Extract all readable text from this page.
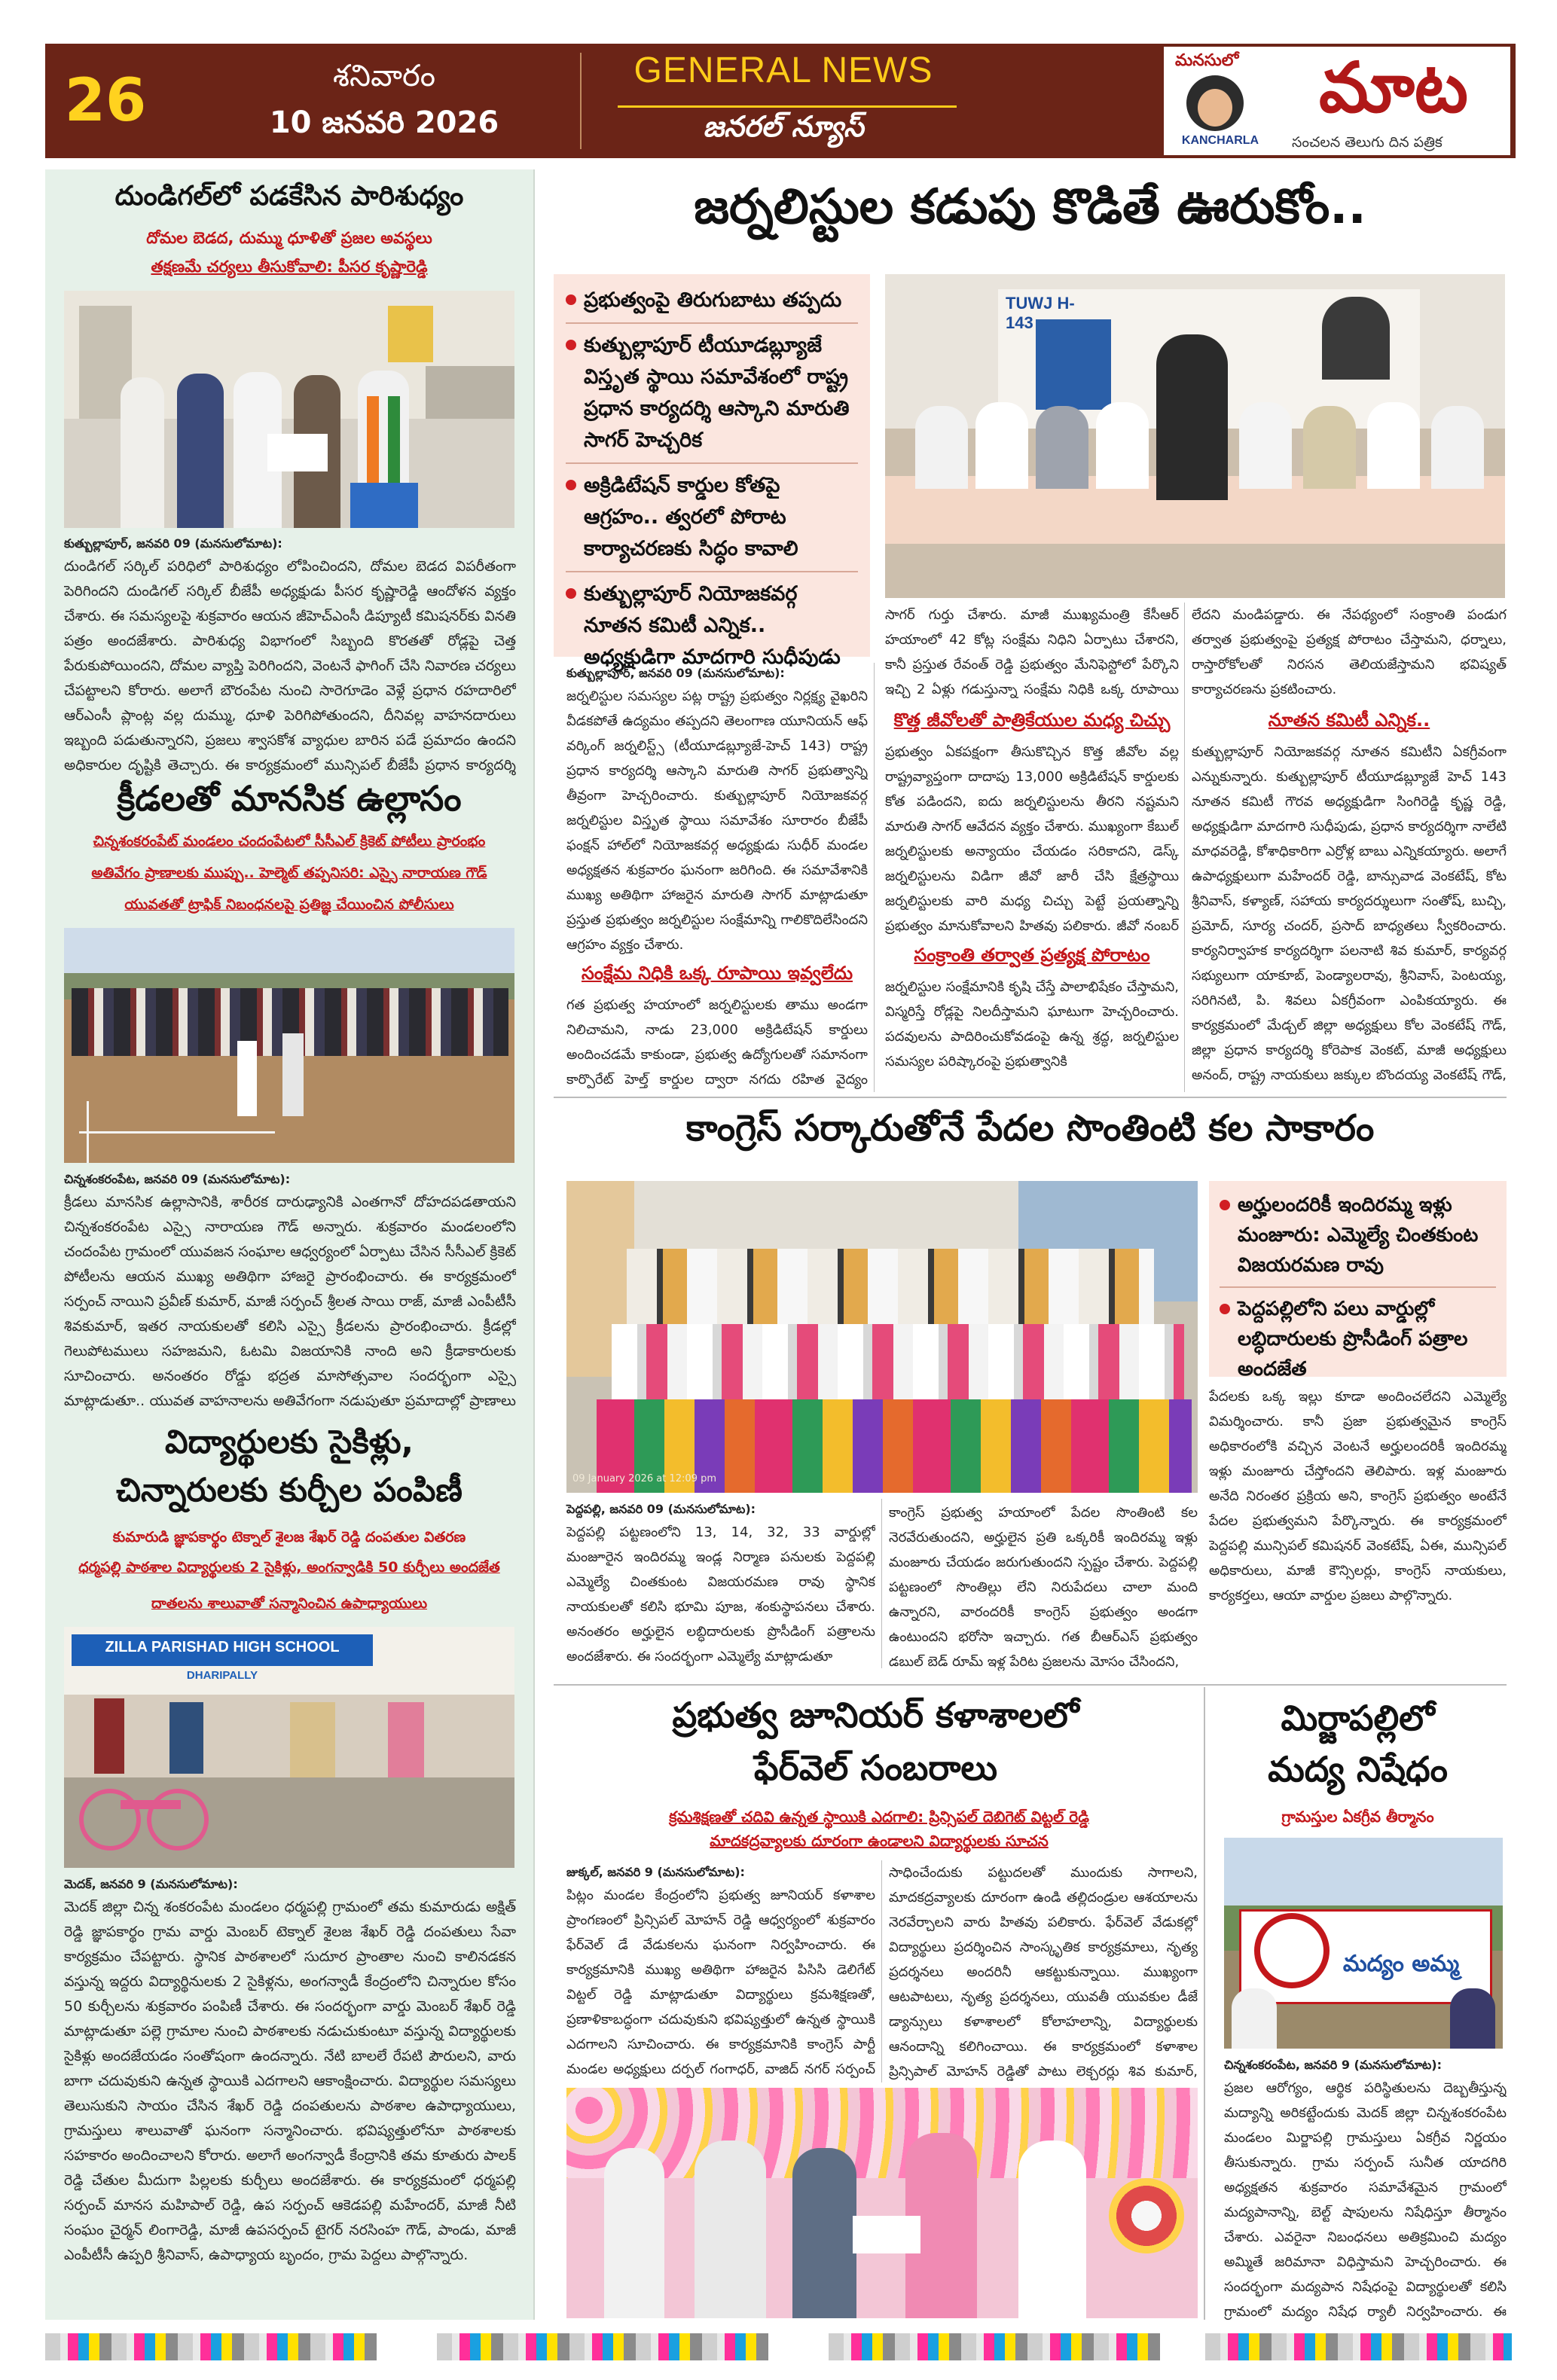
26	శనివారం
10 జనవరి 2026
GENERAL NEWS
జనరల్ న్యూస్
మనసులో	మాట
KANCHARLA	సంచలన తెలుగు దిన పత్రిక
దుండిగల్‌లో పడకేసిన పారిశుధ్యం
దోమల బెడద, దుమ్ము ధూళితో ప్రజల అవస్థలు
తక్షణమే చర్యలు తీసుకోవాలి: పీసర కృష్ణారెడ్డి
కుత్బుల్లాపూర్, జనవరి 09 (మనసులోమాట):
దుండిగల్ సర్కిల్ పరిధిలో పారిశుధ్యం లోపించిందని, దోమల బెడద విపరీతంగా పెరిగిందని దుండిగల్ సర్కిల్ బీజేపీ అధ్యక్షుడు పీసర కృష్ణారెడ్డి ఆందోళన వ్యక్తం చేశారు. ఈ సమస్యలపై శుక్రవారం ఆయన జీహెచ్ఎంసీ డిప్యూటీ కమిషనర్‌కు వినతి పత్రం అందజేశారు. పారిశుధ్య విభాగంలో సిబ్బంది కొరతతో రోడ్లపై చెత్త పేరుకుపోయిందని, దోమల వ్యాప్తి పెరిగిందని, వెంటనే ఫాగింగ్ చేసి నివారణ చర్యలు చేపట్టాలని కోరారు. అలాగే బౌరంపేట నుంచి సారెగూడెం వెళ్లే ప్రధాన రహదారిలో ఆర్ఎంసీ ప్లాంట్ల వల్ల దుమ్ము, ధూళి పెరిగిపోతుందని, దీనివల్ల వాహనదారులు ఇబ్బంది పడుతున్నారని, ప్రజలు శ్వాసకోశ వ్యాధుల బారిన పడే ప్రమాదం ఉందని అధికారుల దృష్టికి తెచ్చారు. ఈ కార్యక్రమంలో మున్సిపల్ బీజేపీ ప్రధాన కార్యదర్శి
క్రీడలతో మానసిక ఉల్లాసం
చిన్నశంకరంపేట్ మండలం చందంపేటలో సీసీఎల్ క్రికెట్ పోటీలు ప్రారంభం
అతివేగం ప్రాణాలకు ముప్పు.. హెల్మెట్ తప్పనిసరి: ఎస్సై నారాయణ గౌడ్
యువతతో ట్రాఫిక్ నిబంధనలపై ప్రతిజ్ఞ చేయించిన పోలీసులు
చిన్నశంకరంపేట, జనవరి 09 (మనసులోమాట):
క్రీడలు మానసిక ఉల్లాసానికి, శారీరక దారుఢ్యానికి ఎంతగానో దోహదపడతాయని చిన్నశంకరంపేట ఎస్సై నారాయణ గౌడ్ అన్నారు. శుక్రవారం మండలంలోని చందంపేట గ్రామంలో యువజన సంఘాల ఆధ్వర్యంలో ఏర్పాటు చేసిన సీసీఎల్ క్రికెట్ పోటీలను ఆయన ముఖ్య అతిథిగా హాజరై ప్రారంభించారు. ఈ కార్యక్రమంలో సర్పంచ్ నాయిని ప్రవీణ్ కుమార్, మాజీ సర్పంచ్ శ్రీలత సాయి రాజ్, మాజీ ఎంపీటీసీ శివకుమార్, ఇతర నాయకులతో కలిసి ఎస్సై క్రీడలను ప్రారంభించారు. క్రీడల్లో గెలుపోటములు సహజమని, ఓటమి విజయానికి నాంది అని క్రీడాకారులకు సూచించారు. అనంతరం రోడ్డు భద్రత మాసోత్సవాల సందర్భంగా ఎస్సై మాట్లాడుతూ.. యువత వాహనాలను అతివేగంగా నడుపుతూ ప్రమాదాల్లో ప్రాణాలు
విద్యార్థులకు సైకిళ్లు,
చిన్నారులకు కుర్చీల పంపిణీ
కుమారుడి జ్ఞాపకార్థం టెక్నాల్ శైలజ శేఖర్ రెడ్డి దంపతుల వితరణ
ధర్మపల్లి పాఠశాల విద్యార్థులకు 2 సైకిళ్లు, అంగన్వాడికి 50 కుర్చీలు అందజేత
దాతలను శాలువాతో సన్మానించిన ఉపాధ్యాయులు
ZILLA PARISHAD HIGH SCHOOL
DHARIPALLY
మెదక్, జనవరి 9 (మనసులోమాట):
మెదక్ జిల్లా చిన్న శంకరంపేట మండలం ధర్మపల్లి గ్రామంలో తమ కుమారుడు అక్షిత్ రెడ్డి జ్ఞాపకార్థం గ్రామ వార్డు మెంబర్ టెక్నాల్ శైలజ శేఖర్ రెడ్డి దంపతులు సేవా కార్యక్రమం చేపట్టారు. స్థానిక పాఠశాలలో సుదూర ప్రాంతాల నుంచి కాలినడకన వస్తున్న ఇద్దరు విద్యార్థినులకు 2 సైకిళ్లను, అంగన్వాడీ కేంద్రంలోని చిన్నారుల కోసం 50 కుర్చీలను శుక్రవారం పంపిణీ చేశారు. ఈ సందర్భంగా వార్డు మెంబర్ శేఖర్ రెడ్డి మాట్లాడుతూ పల్లె గ్రామాల నుంచి పాఠశాలకు నడుచుకుంటూ వస్తున్న విద్యార్థులకు సైకిళ్లు అందజేయడం సంతోషంగా ఉందన్నారు. నేటి బాలలే రేపటి పౌరులని, వారు బాగా చదువుకుని ఉన్నత స్థాయికి ఎదగాలని ఆకాంక్షించారు. విద్యార్థుల సమస్యలు తెలుసుకుని సాయం చేసిన శేఖర్ రెడ్డి దంపతులను పాఠశాల ఉపాధ్యాయులు, గ్రామస్తులు శాలువాతో ఘనంగా సన్మానించారు. భవిష్యత్తులోనూ పాఠశాలకు సహకారం అందించాలని కోరారు. అలాగే అంగన్వాడీ కేంద్రానికి తమ కూతురు పాలక్ రెడ్డి చేతుల మీదుగా పిల్లలకు కుర్చీలు అందజేశారు. ఈ కార్యక్రమంలో ధర్మపల్లి సర్పంచ్ మానస మహిపాల్ రెడ్డి, ఉప సర్పంచ్ ఆకెడపల్లి మహేందర్, మాజీ నీటి సంఘం చైర్మన్ లింగారెడ్డి, మాజీ ఉపసర్పంచ్ టైగర్ నరసింహ గౌడ్, పాండు, మాజీ ఎంపీటీసీ ఉప్పరి శ్రీనివాస్, ఉపాధ్యాయ బృందం, గ్రామ పెద్దలు పాల్గొన్నారు.
జర్నలిస్టుల కడుపు కొడితే ఊరుకోం..
ప్రభుత్వంపై తిరుగుబాటు తప్పదు
కుత్బుల్లాపూర్ టీయూడబ్ల్యూజే విస్తృత స్థాయి సమావేశంలో రాష్ట్ర ప్రధాన కార్యదర్శి ఆస్కాని మారుతి సాగర్ హెచ్చరిక
అక్రిడిటేషన్ కార్డుల కోతపై ఆగ్రహం.. త్వరలో పోరాట కార్యాచరణకు సిద్ధం కావాలి
కుత్బుల్లాపూర్ నియోజకవర్గ నూతన కమిటీ ఎన్నిక.. అధ్యక్షుడిగా మాదగారి సుధీపుడు
TUWJ H-143
కుత్బుల్లాపూర్, జనవరి 09 (మనసులోమాట):
జర్నలిస్టుల సమస్యల పట్ల రాష్ట్ర ప్రభుత్వం నిర్లక్ష్య వైఖరిని వీడకపోతే ఉద్యమం తప్పదని తెలంగాణ యూనియన్ ఆఫ్ వర్కింగ్ జర్నలిస్ట్స్ (టీయూడబ్ల్యూజే-హెచ్ 143) రాష్ట్ర ప్రధాన కార్యదర్శి ఆస్కాని మారుతి సాగర్ ప్రభుత్వాన్ని తీవ్రంగా హెచ్చరించారు. కుత్బుల్లాపూర్ నియోజకవర్గ జర్నలిస్టుల విస్తృత స్థాయి సమావేశం సూరారం బీజేపీ ఫంక్షన్ హాల్‌లో నియోజకవర్గ అధ్యక్షుడు సుధీర్ మండల అధ్యక్షతన శుక్రవారం ఘనంగా జరిగింది. ఈ సమావేశానికి ముఖ్య అతిథిగా హాజరైన మారుతి సాగర్ మాట్లాడుతూ ప్రస్తుత ప్రభుత్వం జర్నలిస్టుల సంక్షేమాన్ని గాలికొదిలేసిందని ఆగ్రహం వ్యక్తం చేశారు.
సంక్షేమ నిధికి ఒక్క రూపాయి ఇవ్వలేదు
గత ప్రభుత్వ హయాంలో జర్నలిస్టులకు తాము అండగా నిలిచామని, నాడు 23,000 అక్రిడిటేషన్ కార్డులు అందించడమే కాకుండా, ప్రభుత్వ ఉద్యోగులతో సమానంగా కార్పొరేట్ హెల్త్ కార్డుల ద్వారా నగదు రహిత వైద్యం
సాగర్ గుర్తు చేశారు. మాజీ ముఖ్యమంత్రి కేసీఆర్ హయాంలో 42 కోట్ల సంక్షేమ నిధిని ఏర్పాటు చేశారని, కానీ ప్రస్తుత రేవంత్ రెడ్డి ప్రభుత్వం మేనిఫెస్టోలో పేర్కొని ఇచ్చి 2 ఏళ్లు గడుస్తున్నా సంక్షేమ నిధికి ఒక్క రూపాయి
కొత్త జీవోలతో పాత్రికేయుల మధ్య చిచ్చు
ప్రభుత్వం ఏకపక్షంగా తీసుకొచ్చిన కొత్త జీవోల వల్ల రాష్ట్రవ్యాప్తంగా దాదాపు 13,000 అక్రిడిటేషన్ కార్డులకు కోత పడిందని, ఐదు జర్నలిస్టులను తీరని నష్టమని మారుతి సాగర్ ఆవేదన వ్యక్తం చేశారు. ముఖ్యంగా కేబుల్ జర్నలిస్టులకు అన్యాయం చేయడం సరికాదని, డెస్క్ జర్నలిస్టులను విడిగా జీవో జారీ చేసి క్షేత్రస్థాయి జర్నలిస్టులకు వారి మధ్య చిచ్చు పెట్టే ప్రయత్నాన్ని ప్రభుత్వం మానుకోవాలని హితవు పలికారు. జీవో నంబర్
సంక్రాంతి తర్వాత ప్రత్యక్ష పోరాటం
జర్నలిస్టుల సంక్షేమానికి కృషి చేస్తే పాలాభిషేకం చేస్తామని, విస్మరిస్తే రోడ్లపై నిలదీస్తామని ఘాటుగా హెచ్చరించారు. పదవులను పాదిరించుకోవడంపై ఉన్న శ్రద్ధ, జర్నలిస్టుల సమస్యల పరిష్కారంపై ప్రభుత్వానికి
లేదని మండిపడ్డారు. ఈ నేపథ్యంలో సంక్రాంతి పండుగ తర్వాత ప్రభుత్వంపై ప్రత్యక్ష పోరాటం చేస్తామని, ధర్నాలు, రాస్తారోకోలతో నిరసన తెలియజేస్తామని భవిష్యత్ కార్యాచరణను ప్రకటించారు.
నూతన కమిటీ ఎన్నిక..
కుత్బుల్లాపూర్ నియోజకవర్గ నూతన కమిటీని ఏకగ్రీవంగా ఎన్నుకున్నారు. కుత్బుల్లాపూర్ టీయూడబ్ల్యూజే హెచ్ 143 నూతన కమిటీ గౌరవ అధ్యక్షుడిగా సింగిరెడ్డి కృష్ణ రెడ్డి, అధ్యక్షుడిగా మాదగారి సుధీపుడు, ప్రధాన కార్యదర్శిగా నాలేటి మాధవరెడ్డి, కోశాధికారిగా ఎర్రోళ్ల బాబు ఎన్నికయ్యారు. అలాగే ఉపాధ్యక్షులుగా మహేందర్ రెడ్డి, బాన్సువాడ వెంకటేష్, కోట శ్రీనివాస్, కళ్యాణ్, సహాయ కార్యదర్శులుగా సంతోష్, బుచ్చి, ప్రమోద్, సూర్య చందర్, ప్రసాద్ బాధ్యతలు స్వీకరించారు. కార్యనిర్వాహక కార్యదర్శిగా పలనాటి శివ కుమార్, కార్యవర్గ సభ్యులుగా యాకూబ్, పెండ్యాలరావు, శ్రీనివాస్, పెంటయ్య, సరిగినటి, పి. శివలు ఏకగ్రీవంగా ఎంపికయ్యారు. ఈ కార్యక్రమంలో మేడ్చల్ జిల్లా అధ్యక్షులు కోల వెంకటేష్ గౌడ్, జిల్లా ప్రధాన కార్యదర్శి కోరెపాక వెంకట్, మాజీ అధ్యక్షులు అనంద్, రాష్ట్ర నాయకులు జక్కుల బొందయ్య వెంకటేష్ గౌడ్,
కాంగ్రెస్ సర్కారుతోనే పేదల సొంతింటి కల సాకారం
09 January 2026 at 12:09 pm
అర్హులందరికీ ఇందిరమ్మ ఇళ్లు మంజూరు: ఎమ్మెల్యే చింతకుంట విజయరమణ రావు
పెద్దపల్లిలోని పలు వార్డుల్లో లబ్ధిదారులకు ప్రొసీడింగ్ పత్రాల అందజేత
పెద్దపల్లి, జనవరి 09 (మనసులోమాట):
పెద్దపల్లి పట్టణంలోని 13, 14, 32, 33 వార్డుల్లో మంజూరైన ఇందిరమ్మ ఇండ్ల నిర్మాణ పనులకు పెద్దపల్లి ఎమ్మెల్యే చింతకుంట విజయరమణ రావు స్థానిక నాయకులతో కలిసి భూమి పూజ, శంకుస్థాపనలు చేశారు. అనంతరం అర్హులైన లబ్ధిదారులకు ప్రొసీడింగ్ పత్రాలను అందజేశారు. ఈ సందర్భంగా ఎమ్మెల్యే మాట్లాడుతూ
కాంగ్రెస్ ప్రభుత్వ హయాంలో పేదల సొంతింటి కల నెరవేరుతుందని, అర్హులైన ప్రతి ఒక్కరికీ ఇందిరమ్మ ఇళ్లు మంజూరు చేయడం జరుగుతుందని స్పష్టం చేశారు. పెద్దపల్లి పట్టణంలో సొంతిల్లు లేని నిరుపేదలు చాలా మంది ఉన్నారని, వారందరికీ కాంగ్రెస్ ప్రభుత్వం అండగా ఉంటుందని భరోసా ఇచ్చారు. గత బీఆర్ఎస్ ప్రభుత్వం డబుల్ బెడ్ రూమ్ ఇళ్ల పేరిట ప్రజలను మోసం చేసిందని,
పేదలకు ఒక్క ఇల్లు కూడా అందించలేదని ఎమ్మెల్యే విమర్శించారు. కానీ ప్రజా ప్రభుత్వమైన కాంగ్రెస్ అధికారంలోకి వచ్చిన వెంటనే అర్హులందరికీ ఇందిరమ్మ ఇళ్లు మంజూరు చేస్తోందని తెలిపారు. ఇళ్ల మంజూరు అనేది నిరంతర ప్రక్రియ అని, కాంగ్రెస్ ప్రభుత్వం అంటేనే పేదల ప్రభుత్వమని పేర్కొన్నారు. ఈ కార్యక్రమంలో పెద్దపల్లి మున్సిపల్ కమిషనర్ వెంకటేష్, ఏఈ, మున్సిపల్ అధికారులు, మాజీ కౌన్సిలర్లు, కాంగ్రెస్ నాయకులు, కార్యకర్తలు, ఆయా వార్డుల ప్రజలు పాల్గొన్నారు.
ప్రభుత్వ జూనియర్ కళాశాలలో
ఫేర్‌వెల్ సంబరాలు
క్రమశిక్షణతో చదివి ఉన్నత స్థాయికి ఎదగాలి: ప్రిన్సిపల్ దెబిగెట్ విట్టల్ రెడ్డి
మాదకద్రవ్యాలకు దూరంగా ఉండాలని విద్యార్థులకు సూచన
జుక్కల్, జనవరి 9 (మనసులోమాట):
పిట్లం మండల కేంద్రంలోని ప్రభుత్వ జూనియర్ కళాశాల ప్రాంగణంలో ప్రిన్సిపల్ మోహన్ రెడ్డి ఆధ్వర్యంలో శుక్రవారం ఫేర్‌వెల్ డే వేడుకలను ఘనంగా నిర్వహించారు. ఈ కార్యక్రమానికి ముఖ్య అతిథిగా హాజరైన పిసిసి డెలిగేట్ విట్టల్ రెడ్డి మాట్లాడుతూ విద్యార్థులు క్రమశిక్షణతో, ప్రణాళికాబద్ధంగా చదువుకుని భవిష్యత్తులో ఉన్నత స్థాయికి ఎదగాలని సూచించారు. ఈ కార్యక్రమానికి కాంగ్రెస్ పార్టీ మండల అధ్యక్షులు దర్పల్ గంగాధర్, వాజిద్ నగర్ సర్పంచ్
సాధించేందుకు పట్టుదలతో ముందుకు సాగాలని, మాదకద్రవ్యాలకు దూరంగా ఉండి తల్లిదండ్రుల ఆశయాలను నెరవేర్చాలని వారు హితవు పలికారు. ఫేర్‌వెల్ వేడుకల్లో విద్యార్థులు ప్రదర్శించిన సాంస్కృతిక కార్యక్రమాలు, నృత్య ప్రదర్శనలు అందరినీ ఆకట్టుకున్నాయి. ముఖ్యంగా ఆటపాటలు, నృత్య ప్రదర్శనలు, యువతీ యువకుల డీజే డ్యాన్సులు కళాశాలలో కోలాహలాన్ని, విద్యార్థులకు ఆనందాన్ని కలిగించాయి. ఈ కార్యక్రమంలో కళాశాల ప్రిన్సిపాల్ మోహన్ రెడ్డితో పాటు లెక్చరర్లు శివ కుమార్,
మిర్జాపల్లిలో
మద్య నిషేధం
గ్రామస్తుల ఏకగ్రీవ తీర్మానం
మద్యం అమ్మ
చిన్నశంకరంపేట, జనవరి 9 (మనసులోమాట):
ప్రజల ఆరోగ్యం, ఆర్థిక పరిస్థితులను దెబ్బతీస్తున్న మద్యాన్ని అరికట్టేందుకు మెదక్ జిల్లా చిన్నశంకరంపేట మండలం మిర్జాపల్లి గ్రామస్తులు ఏకగ్రీవ నిర్ణయం తీసుకున్నారు. గ్రామ సర్పంచ్ సునీత యాదగిరి అధ్యక్షతన శుక్రవారం సమావేశమైన గ్రామంలో మద్యపానాన్ని, బెల్ట్ షాపులను నిషేధిస్తూ తీర్మానం చేశారు. ఎవరైనా నిబంధనలు అతిక్రమించి మద్యం అమ్మితే జరిమానా విధిస్తామని హెచ్చరించారు. ఈ సందర్భంగా మద్యపాన నిషేధంపై విద్యార్థులతో కలిసి గ్రామంలో మద్యం నిషేధ ర్యాలీ నిర్వహించారు. ఈ
